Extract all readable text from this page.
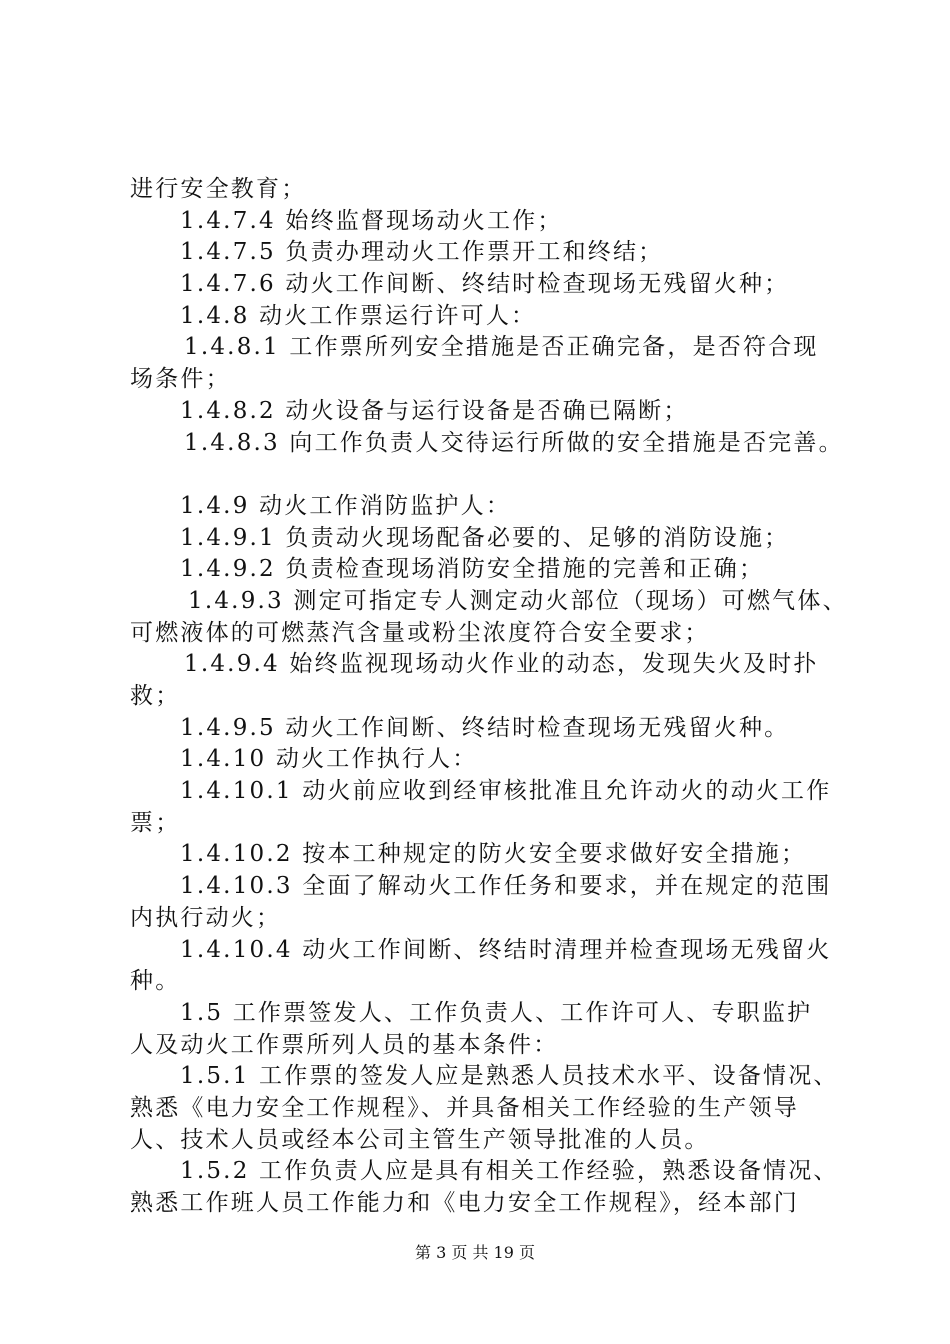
进行安全教育；
1.4.7.4 始终监督现场动火工作；
1.4.7.5 负责办理动火工作票开工和终结；
1.4.7.6 动火工作间断、终结时检查现场无残留火种；
1.4.8 动火工作票运行许可人：
1.4.8.1 工作票所列安全措施是否正确完备，是否符合现
场条件；
1.4.8.2 动火设备与运行设备是否确已隔断；
1.4.8.3 向工作负责人交待运行所做的安全措施是否完善。
1.4.9 动火工作消防监护人：
1.4.9.1 负责动火现场配备必要的、足够的消防设施；
1.4.9.2 负责检查现场消防安全措施的完善和正确；
1.4.9.3 测定可指定专人测定动火部位（现场）可燃气体、
可燃液体的可燃蒸汽含量或粉尘浓度符合安全要求；
1.4.9.4 始终监视现场动火作业的动态，发现失火及时扑
救；
1.4.9.5 动火工作间断、终结时检查现场无残留火种。
1.4.10 动火工作执行人：
1.4.10.1 动火前应收到经审核批准且允许动火的动火工作
票；
1.4.10.2 按本工种规定的防火安全要求做好安全措施；
1.4.10.3 全面了解动火工作任务和要求，并在规定的范围
内执行动火；
1.4.10.4 动火工作间断、终结时清理并检查现场无残留火
种。
1.5 工作票签发人、工作负责人、工作许可人、专职监护
人及动火工作票所列人员的基本条件：
1.5.1 工作票的签发人应是熟悉人员技术水平、设备情况、
熟悉《电力安全工作规程》、并具备相关工作经验的生产领导
人、技术人员或经本公司主管生产领导批准的人员。
1.5.2 工作负责人应是具有相关工作经验，熟悉设备情况、
熟悉工作班人员工作能力和《电力安全工作规程》，经本部门
第 3 页 共 19 页
